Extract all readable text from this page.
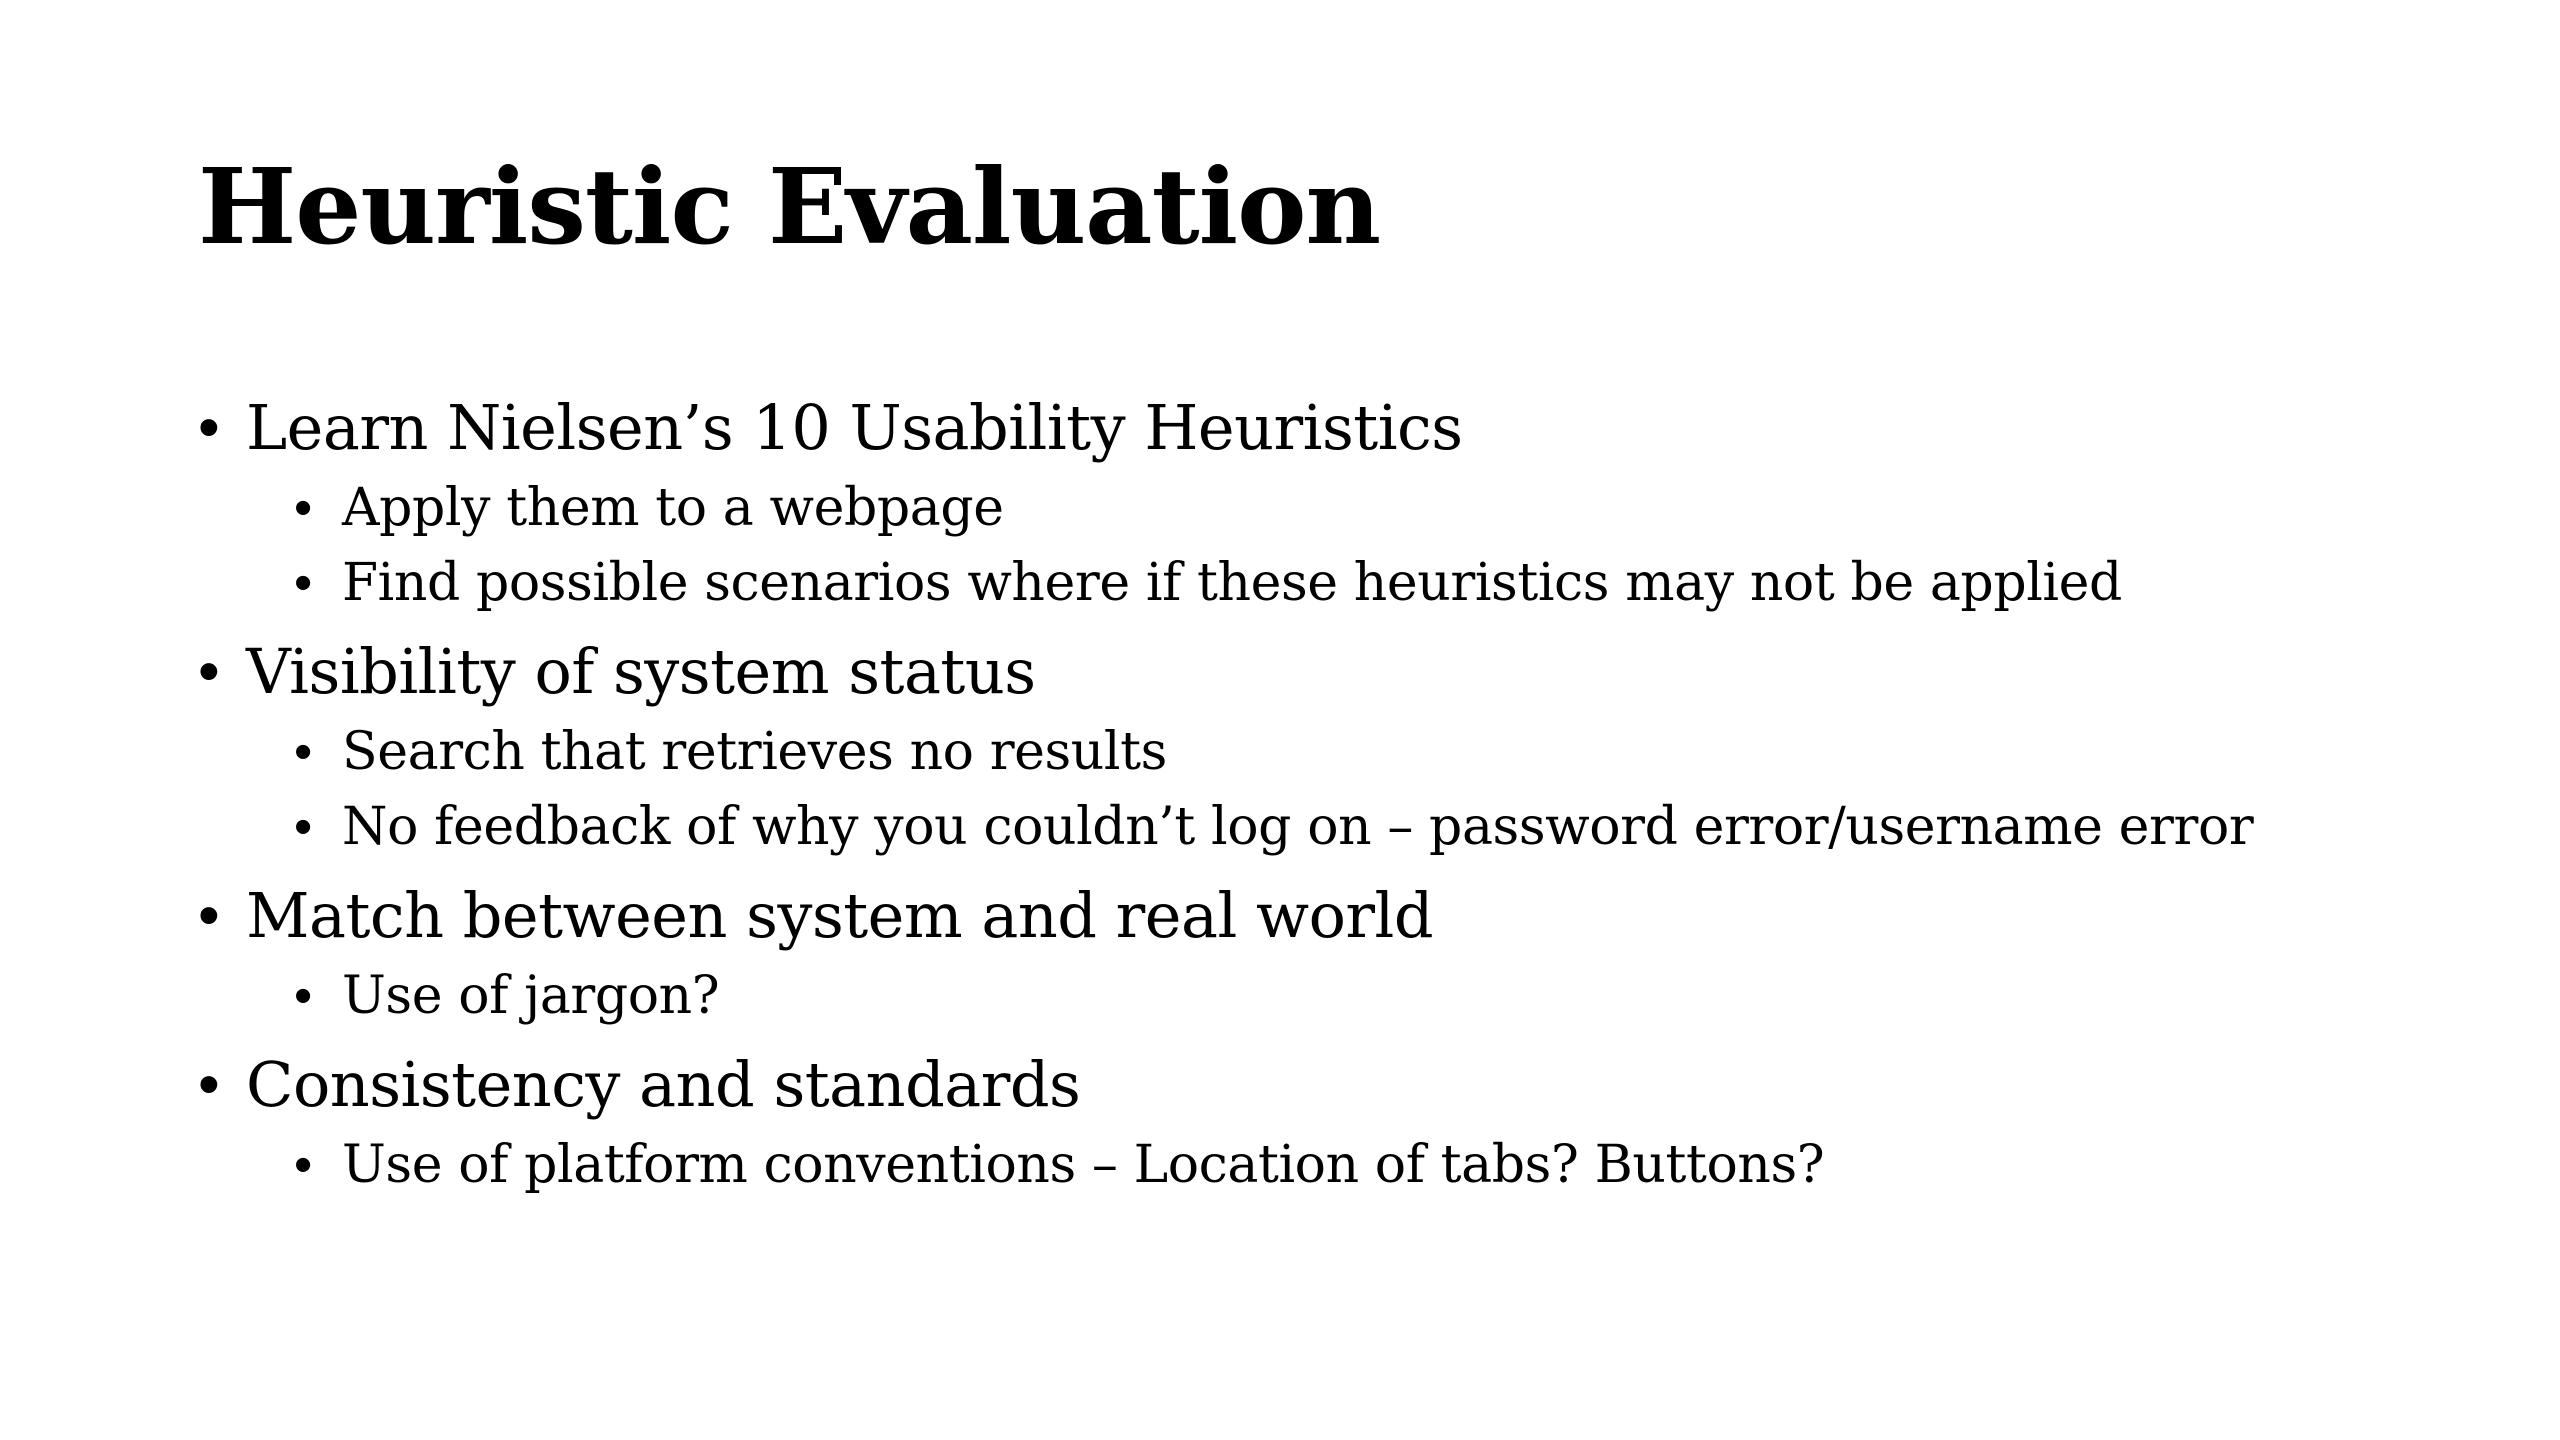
Heuristic Evaluation
• Learn Nielsen’s 10 Usability Heuristics
• Apply them to a webpage
• Find possible scenarios where if these heuristics may not be applied
• Visibility of system status
• Search that retrieves no results
• No feedback of why you couldn’t log on – password error/username error
• Match between system and real world
• Use of jargon?
• Consistency and standards
• Use of platform conventions – Location of tabs? Buttons?
